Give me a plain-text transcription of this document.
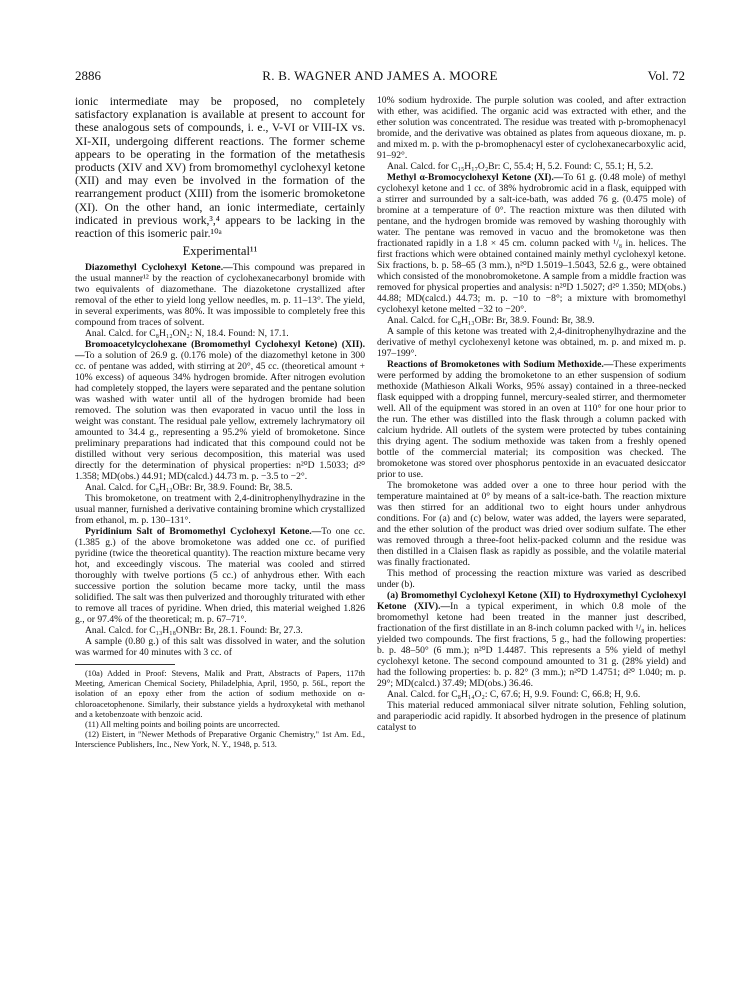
2886	R. B. WAGNER AND JAMES A. MOORE	Vol. 72

ionic intermediate may be proposed, no completely satisfactory explanation is available at present to account for these analogous sets of compounds, i. e., V-VI or VIII-IX vs. XI-XII, undergoing different reactions. The former scheme appears to be operating in the formation of the metathesis products (XIV and XV) from bromomethyl cyclohexyl ketone (XII) and may even be involved in the formation of the rearrangement product (XIII) from the isomeric bromoketone (XI). On the other hand, an ionic intermediate, certainly indicated in previous work,³,⁴ appears to be lacking in the reaction of this isomeric pair.¹⁰ᵃ

Experimental¹¹

Diazomethyl Cyclohexyl Ketone.—This compound was prepared in the usual manner¹² by the reaction of cyclohexanecarbonyl bromide with two equivalents of diazomethane. The diazoketone crystallized after removal of the ether to yield long yellow needles, m. p. 11–13°. The yield, in several experiments, was 80%. It was impossible to completely free this compound from traces of solvent.

Anal. Calcd. for C₈H₁₂ON₂: N, 18.4. Found: N, 17.1.

Bromoacetylcyclohexane (Bromomethyl Cyclohexyl Ketone) (XII).—To a solution of 26.9 g. (0.176 mole) of the diazomethyl ketone in 300 cc. of pentane was added, with stirring at 20°, 45 cc. (theoretical amount + 10% excess) of aqueous 34% hydrogen bromide. After nitrogen evolution had completely stopped, the layers were separated and the pentane solution was washed with water until all of the hydrogen bromide had been removed. The solution was then evaporated in vacuo until the loss in weight was constant. The residual pale yellow, extremely lachrymatory oil amounted to 34.4 g., representing a 95.2% yield of bromoketone. Since preliminary preparations had indicated that this compound could not be distilled without very serious decomposition, this material was used directly for the determination of physical properties: n²⁰D 1.5033; d²⁰ 1.358; MD(obs.) 44.91; MD(calcd.) 44.73 m. p. −3.5 to −2°.

Anal. Calcd. for C₈H₁₃OBr: Br, 38.9. Found: Br, 38.5.

This bromoketone, on treatment with 2,4-dinitrophenylhydrazine in the usual manner, furnished a derivative containing bromine which crystallized from ethanol, m. p. 130–131°.

Pyridinium Salt of Bromomethyl Cyclohexyl Ketone.—To one cc. (1.385 g.) of the above bromoketone was added one cc. of purified pyridine (twice the theoretical quantity). The reaction mixture became very hot, and exceedingly viscous. The material was cooled and stirred thoroughly with twelve portions (5 cc.) of anhydrous ether. With each successive portion the solution became more tacky, until the mass solidified. The salt was then pulverized and thoroughly triturated with ether to remove all traces of pyridine. When dried, this material weighed 1.826 g., or 97.4% of the theoretical; m. p. 67–71°.

Anal. Calcd. for C₁₃H₁₈ONBr: Br, 28.1. Found: Br, 27.3.

A sample (0.80 g.) of this salt was dissolved in water, and the solution was warmed for 40 minutes with 3 cc. of

(10a) Added in Proof: Stevens, Malik and Pratt, Abstracts of Papers, 117th Meeting, American Chemical Society, Philadelphia, April, 1950, p. 56L, report the isolation of an epoxy ether from the action of sodium methoxide on α-chloroacetophenone. Similarly, their substance yields a hydroxyketal with methanol and a ketobenzoate with benzoic acid.

(11) All melting points and boiling points are uncorrected.

(12) Eistert, in "Newer Methods of Preparative Organic Chemistry," 1st Am. Ed., Interscience Publishers, Inc., New York, N. Y., 1948, p. 513.

10% sodium hydroxide. The purple solution was cooled, and after extraction with ether, was acidified. The organic acid was extracted with ether, and the ether solution was concentrated. The residue was treated with p-bromophenacyl bromide, and the derivative was obtained as plates from aqueous dioxane, m. p. and mixed m. p. with the p-bromophenacyl ester of cyclohexanecarboxylic acid, 91–92°.

Anal. Calcd. for C₁₅H₁₇O₂Br: C, 55.4; H, 5.2. Found: C, 55.1; H, 5.2.

Methyl α-Bromocyclohexyl Ketone (XI).—To 61 g. (0.48 mole) of methyl cyclohexyl ketone and 1 cc. of 38% hydrobromic acid in a flask, equipped with a stirrer and surrounded by a salt-ice-bath, was added 76 g. (0.475 mole) of bromine at a temperature of 0°. The reaction mixture was then diluted with pentane, and the hydrogen bromide was removed by washing thoroughly with water. The pentane was removed in vacuo and the bromoketone was then fractionated rapidly in a 1.8 × 45 cm. column packed with ¹/₈ in. helices. The first fractions which were obtained contained mainly methyl cyclohexyl ketone. Six fractions, b. p. 58–65 (3 mm.), n²⁰D 1.5019–1.5043, 52.6 g., were obtained which consisted of the monobromoketone. A sample from a middle fraction was removed for physical properties and analysis: n²⁰D 1.5027; d²⁰ 1.350; MD(obs.) 44.88; MD(calcd.) 44.73; m. p. −10 to −8°; a mixture with bromomethyl cyclohexyl ketone melted −32 to −20°.

Anal. Calcd. for C₈H₁₃OBr: Br, 38.9. Found: Br, 38.9.

A sample of this ketone was treated with 2,4-dinitrophenylhydrazine and the derivative of methyl cyclohexenyl ketone was obtained, m. p. and mixed m. p. 197–199°.

Reactions of Bromoketones with Sodium Methoxide.—These experiments were performed by adding the bromoketone to an ether suspension of sodium methoxide (Mathieson Alkali Works, 95% assay) contained in a three-necked flask equipped with a dropping funnel, mercury-sealed stirrer, and thermometer well. All of the equipment was stored in an oven at 110° for one hour prior to the run. The ether was distilled into the flask through a column packed with calcium hydride. All outlets of the system were protected by tubes containing this drying agent. The sodium methoxide was taken from a freshly opened bottle of the commercial material; its composition was checked. The bromoketone was stored over phosphorus pentoxide in an evacuated desiccator prior to use.

The bromoketone was added over a one to three hour period with the temperature maintained at 0° by means of a salt-ice-bath. The reaction mixture was then stirred for an additional two to eight hours under anhydrous conditions. For (a) and (c) below, water was added, the layers were separated, and the ether solution of the product was dried over sodium sulfate. The ether was removed through a three-foot helix-packed column and the residue was then distilled in a Claisen flask as rapidly as possible, and the volatile material was finally fractionated.

This method of processing the reaction mixture was varied as described under (b).

(a) Bromomethyl Cyclohexyl Ketone (XII) to Hydroxymethyl Cyclohexyl Ketone (XIV).—In a typical experiment, in which 0.8 mole of the bromomethyl ketone had been treated in the manner just described, fractionation of the first distillate in an 8-inch column packed with ¹/₈ in. helices yielded two compounds. The first fractions, 5 g., had the following properties: b. p. 48–50° (6 mm.); n²⁰D 1.4487. This represents a 5% yield of methyl cyclohexyl ketone. The second compound amounted to 31 g. (28% yield) and had the following properties: b. p. 82° (3 mm.); n²⁰D 1.4751; d²⁰ 1.040; m. p. 29°; MD(calcd.) 37.49; MD(obs.) 36.46.

Anal. Calcd. for C₈H₁₄O₂: C, 67.6; H, 9.9. Found: C, 66.8; H, 9.6.

This material reduced ammoniacal silver nitrate solution, Fehling solution, and paraperiodic acid rapidly. It absorbed hydrogen in the presence of platinum catalyst to
